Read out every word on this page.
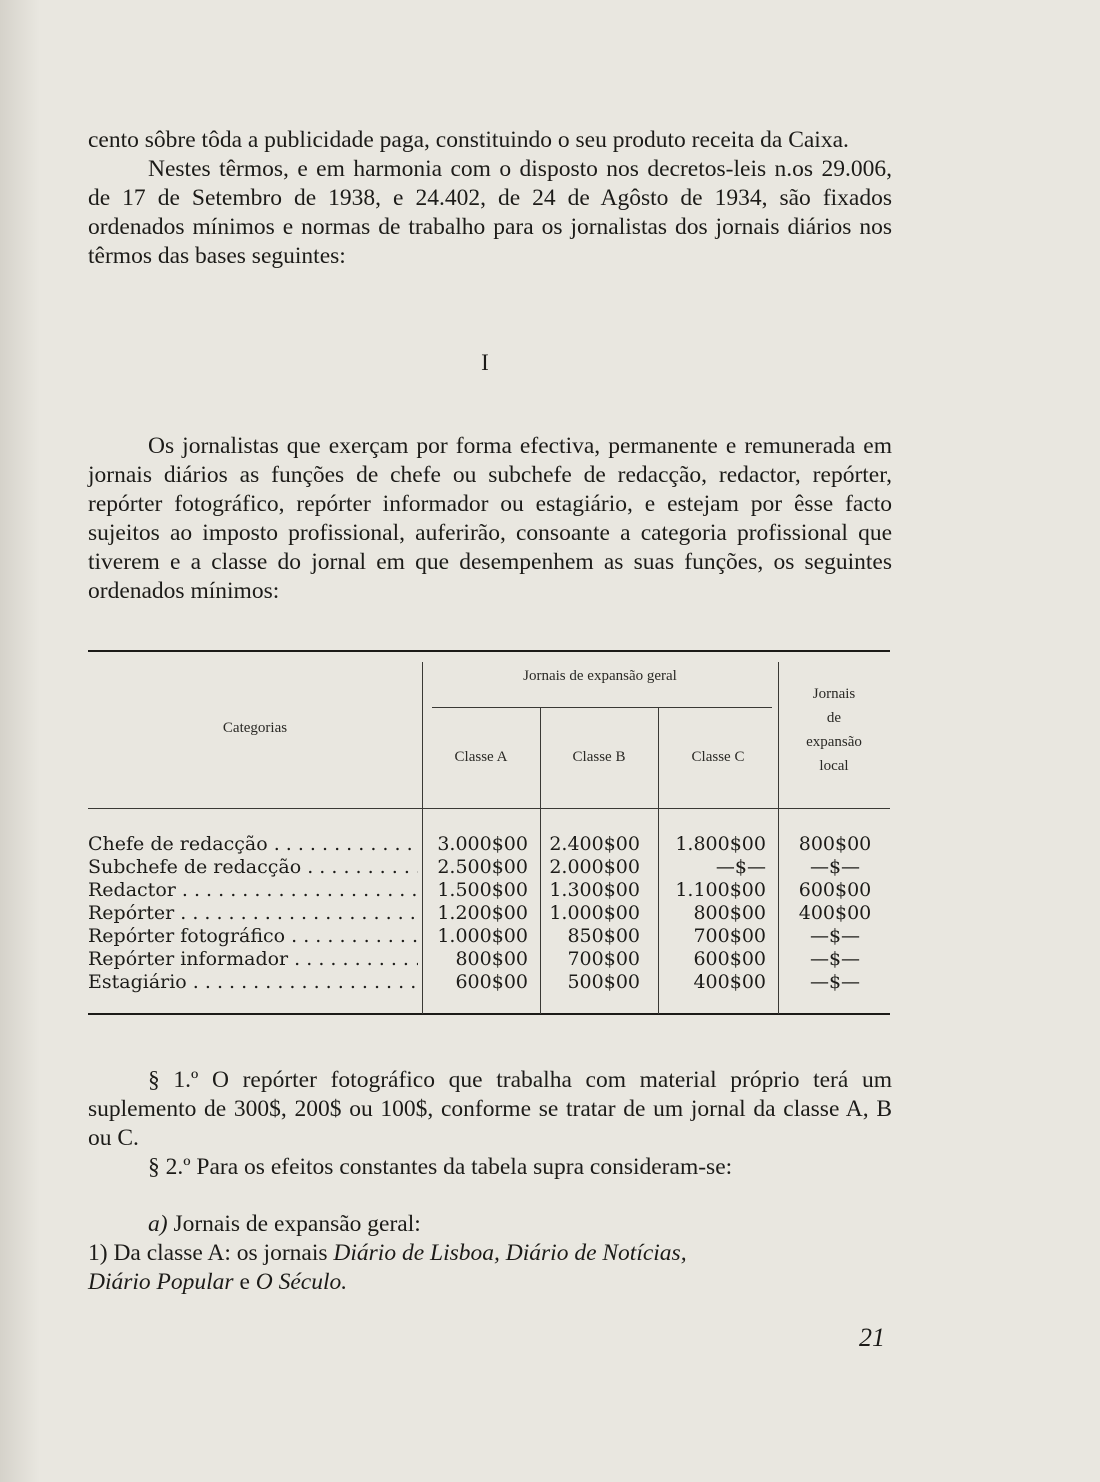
cento sôbre tôda a publicidade paga, constituindo o seu produto receita da Caixa.

Nestes têrmos, e em harmonia com o disposto nos decretos-leis n.os 29.006, de 17 de Setembro de 1938, e 24.402, de 24 de Agôsto de 1934, são fixados ordenados mínimos e normas de trabalho para os jornalistas dos jornais diários nos têrmos das bases seguintes:

I

Os jornalistas que exerçam por forma efectiva, permanente e remunerada em jornais diários as funções de chefe ou subchefe de redacção, redactor, repórter, repórter fotográfico, repórter informador ou estagiário, e estejam por êsse facto sujeitos ao imposto profissional, auferirão, consoante a categoria profissional que tiverem e a classe do jornal em que desempenhem as suas funções, os seguintes ordenados mínimos:

Jornais de expansão geral
Categorias
Classe A	Classe B	Classe C
Jornais
de
expansão
local
Chefe de redacção . . .	3.000$00	2.400$00	1.800$00	800$00
Subchefe de redacção . . .	2.500$00	2.000$00	—$—	—$—
Redactor . . .	1.500$00	1.300$00	1.100$00	600$00
Repórter . . .	1.200$00	1.000$00	800$00	400$00
Repórter fotográfico . . .	1.000$00	850$00	700$00	—$—
Repórter informador . . .	800$00	700$00	600$00	—$—
Estagiário . . .	600$00	500$00	400$00	—$—

§ 1.º O repórter fotográfico que trabalha com material próprio terá um suplemento de 300$, 200$ ou 100$, conforme se tratar de um jornal da classe A, B ou C.

§ 2.º Para os efeitos constantes da tabela supra consideram-se:

a) Jornais de expansão geral:

1) Da classe A: os jornais Diário de Lisboa, Diário de Notícias,

Diário Popular e O Século.

21
